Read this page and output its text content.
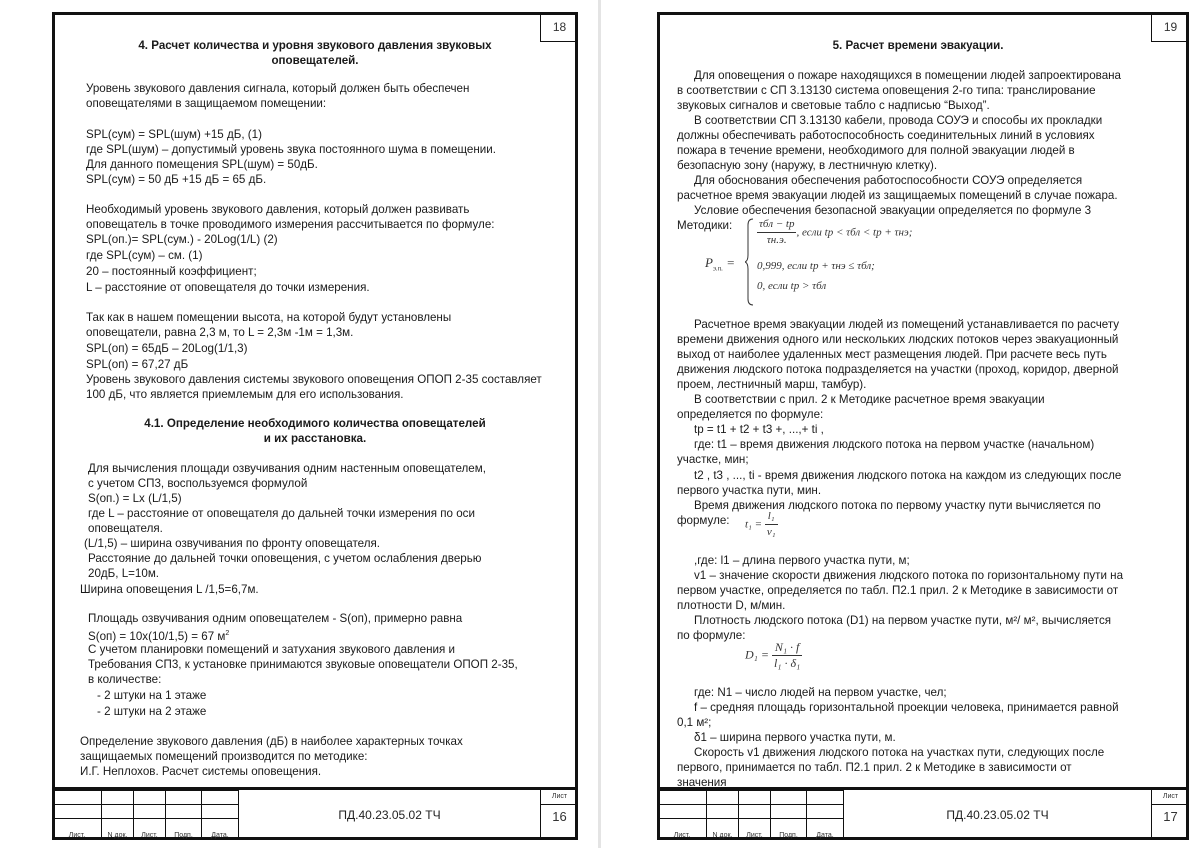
18
4. Расчет количества и уровня звукового давления звуковых
оповещателей.
Уровень звукового давления сигнала, который должен быть обеспечен
оповещателями в защищаемом помещении:
SPL(сум) = SPL(шум) +15 дБ, (1)
где SPL(шум) – допустимый уровень звука постоянного шума в помещении.
Для данного помещения SPL(шум) = 50дБ.
SPL(сум) = 50 дБ +15 дБ = 65 дБ.
Необходимый уровень звукового давления, который должен развивать
оповещатель в точке проводимого измерения рассчитывается по формуле:
SPL(оп.)= SPL(сум.) - 20Log(1/L) (2)
где SPL(сум) – см. (1)
20 – постоянный коэффициент;
L – расстояние от оповещателя до точки измерения.
Так как в нашем помещении высота, на которой будут установлены
оповещатели, равна 2,3 м, то L = 2,3м -1м = 1,3м.
SPL(оп) = 65дБ – 20Log(1/1,3)
SPL(оп) = 67,27 дБ
Уровень звукового давления системы звукового оповещения ОПОП 2-35 составляет
100 дБ, что является приемлемым для его использования.
4.1. Определение необходимого количества оповещателей
и их расстановка.
Для вычисления площади озвучивания одним настенным оповещателем,
с учетом СП3, воспользуемся формулой
S(оп.) = Lx (L/1,5)
где L – расстояние от оповещателя до дальней точки измерения по оси
оповещателя.
(L/1,5) – ширина озвучивания по фронту оповещателя.
Расстояние до дальней точки оповещения, с учетом ослабления дверью
20дБ, L=10м.
Ширина оповещения L /1,5=6,7м.
Площадь озвучивания одним оповещателем - S(оп), примерно равна
S(оп) = 10x(10/1,5) = 67 $м^2$
С учетом планировки помещений и затухания звукового давления и
Требования СП3, к установке принимаются звуковые оповещатели ОПОП 2-35,
в количестве:
- 2 штуки на 1 этаже
- 2 штуки на 2 этаже
Определение звукового давления (дБ) в наиболее характерных точках
защищаемых помещений производится по методике:
И.Г. Неплохов. Расчет системы оповещения.

Лист.	N док.	Лист.	Подп.	Дата.
ПД.40.23.05.02 ТЧ
Лист
16
19
5. Расчет времени эвакуации.
Для оповещения о пожаре находящихся в помещении людей запроектирована
в соответствии с СП 3.13130 система оповещения 2-го типа: транслирование
звуковых сигналов и световые табло с надписью “Выход”.
В соответствии СП 3.13130 кабели, провода СОУЭ и способы их прокладки
должны обеспечивать работоспособность соединительных линий в условиях
пожара в течение времени, необходимого для полной эвакуации людей в
безопасную зону (наружу, в лестничную клетку).
Для обоснования обеспечения работоспособности СОУЭ определяется
расчетное время эвакуации людей из защищаемых помещений в случае пожара.
Условие обеспечения безопасной эвакуации определяется по формуле 3
Методики:
$P_{э.п.}$ =
$\frac{\text{τбл − tр}}{\tau н.э.}$ , если tр < τбл < tр + τнэ;
0,999, если tр + τнэ ≤ τбл;
0, если tр > τбл
Расчетное время эвакуации людей из помещений устанавливается по расчету
времени движения одного или нескольких людских потоков через эвакуационный
выход от наиболее удаленных мест размещения людей. При расчете весь путь
движения людского потока подразделяется на участки (проход, коридор, дверной
проем, лестничный марш, тамбур).
В соответствии с прил. 2 к Методике расчетное время эвакуации
определяется по формуле:
tр = t1 + t2 + t3 +, ...,+ ti ,
где: t1 – время движения людского потока на первом участке (начальном)
участке, мин;
t2 , t3 , ..., ti - время движения людского потока на каждом из следующих после
первого участка пути, мин.
Время движения людского потока по первому участку пути вычисляется по
формуле: $t_1 = \frac{\text{l₁}}{\text{v₁}}$
,где: l1 – длина первого участка пути, м;
v1 – значение скорости движения людского потока по горизонтальному пути на
первом участке, определяется по табл. П2.1 прил. 2 к Методике в зависимости от
плотности D, м/мин.
Плотность людского потока (D1) на первом участке пути, м²/ м², вычисляется
по формуле:
$D_1 = \frac{\text{N₁ · f}}{\text{l₁ · δ₁}}$
где: N1 – число людей на первом участке, чел;
f – средняя площадь горизонтальной проекции человека, принимается равной
0,1 м²;
δ1 – ширина первого участка пути, м.
Скорость v1 движения людского потока на участках пути, следующих после
первого, принимается по табл. П2.1 прил. 2 к Методике в зависимости от
значения

Лист.	N док.	Лист.	Подп.	Дата.
ПД.40.23.05.02 ТЧ
Лист
17
